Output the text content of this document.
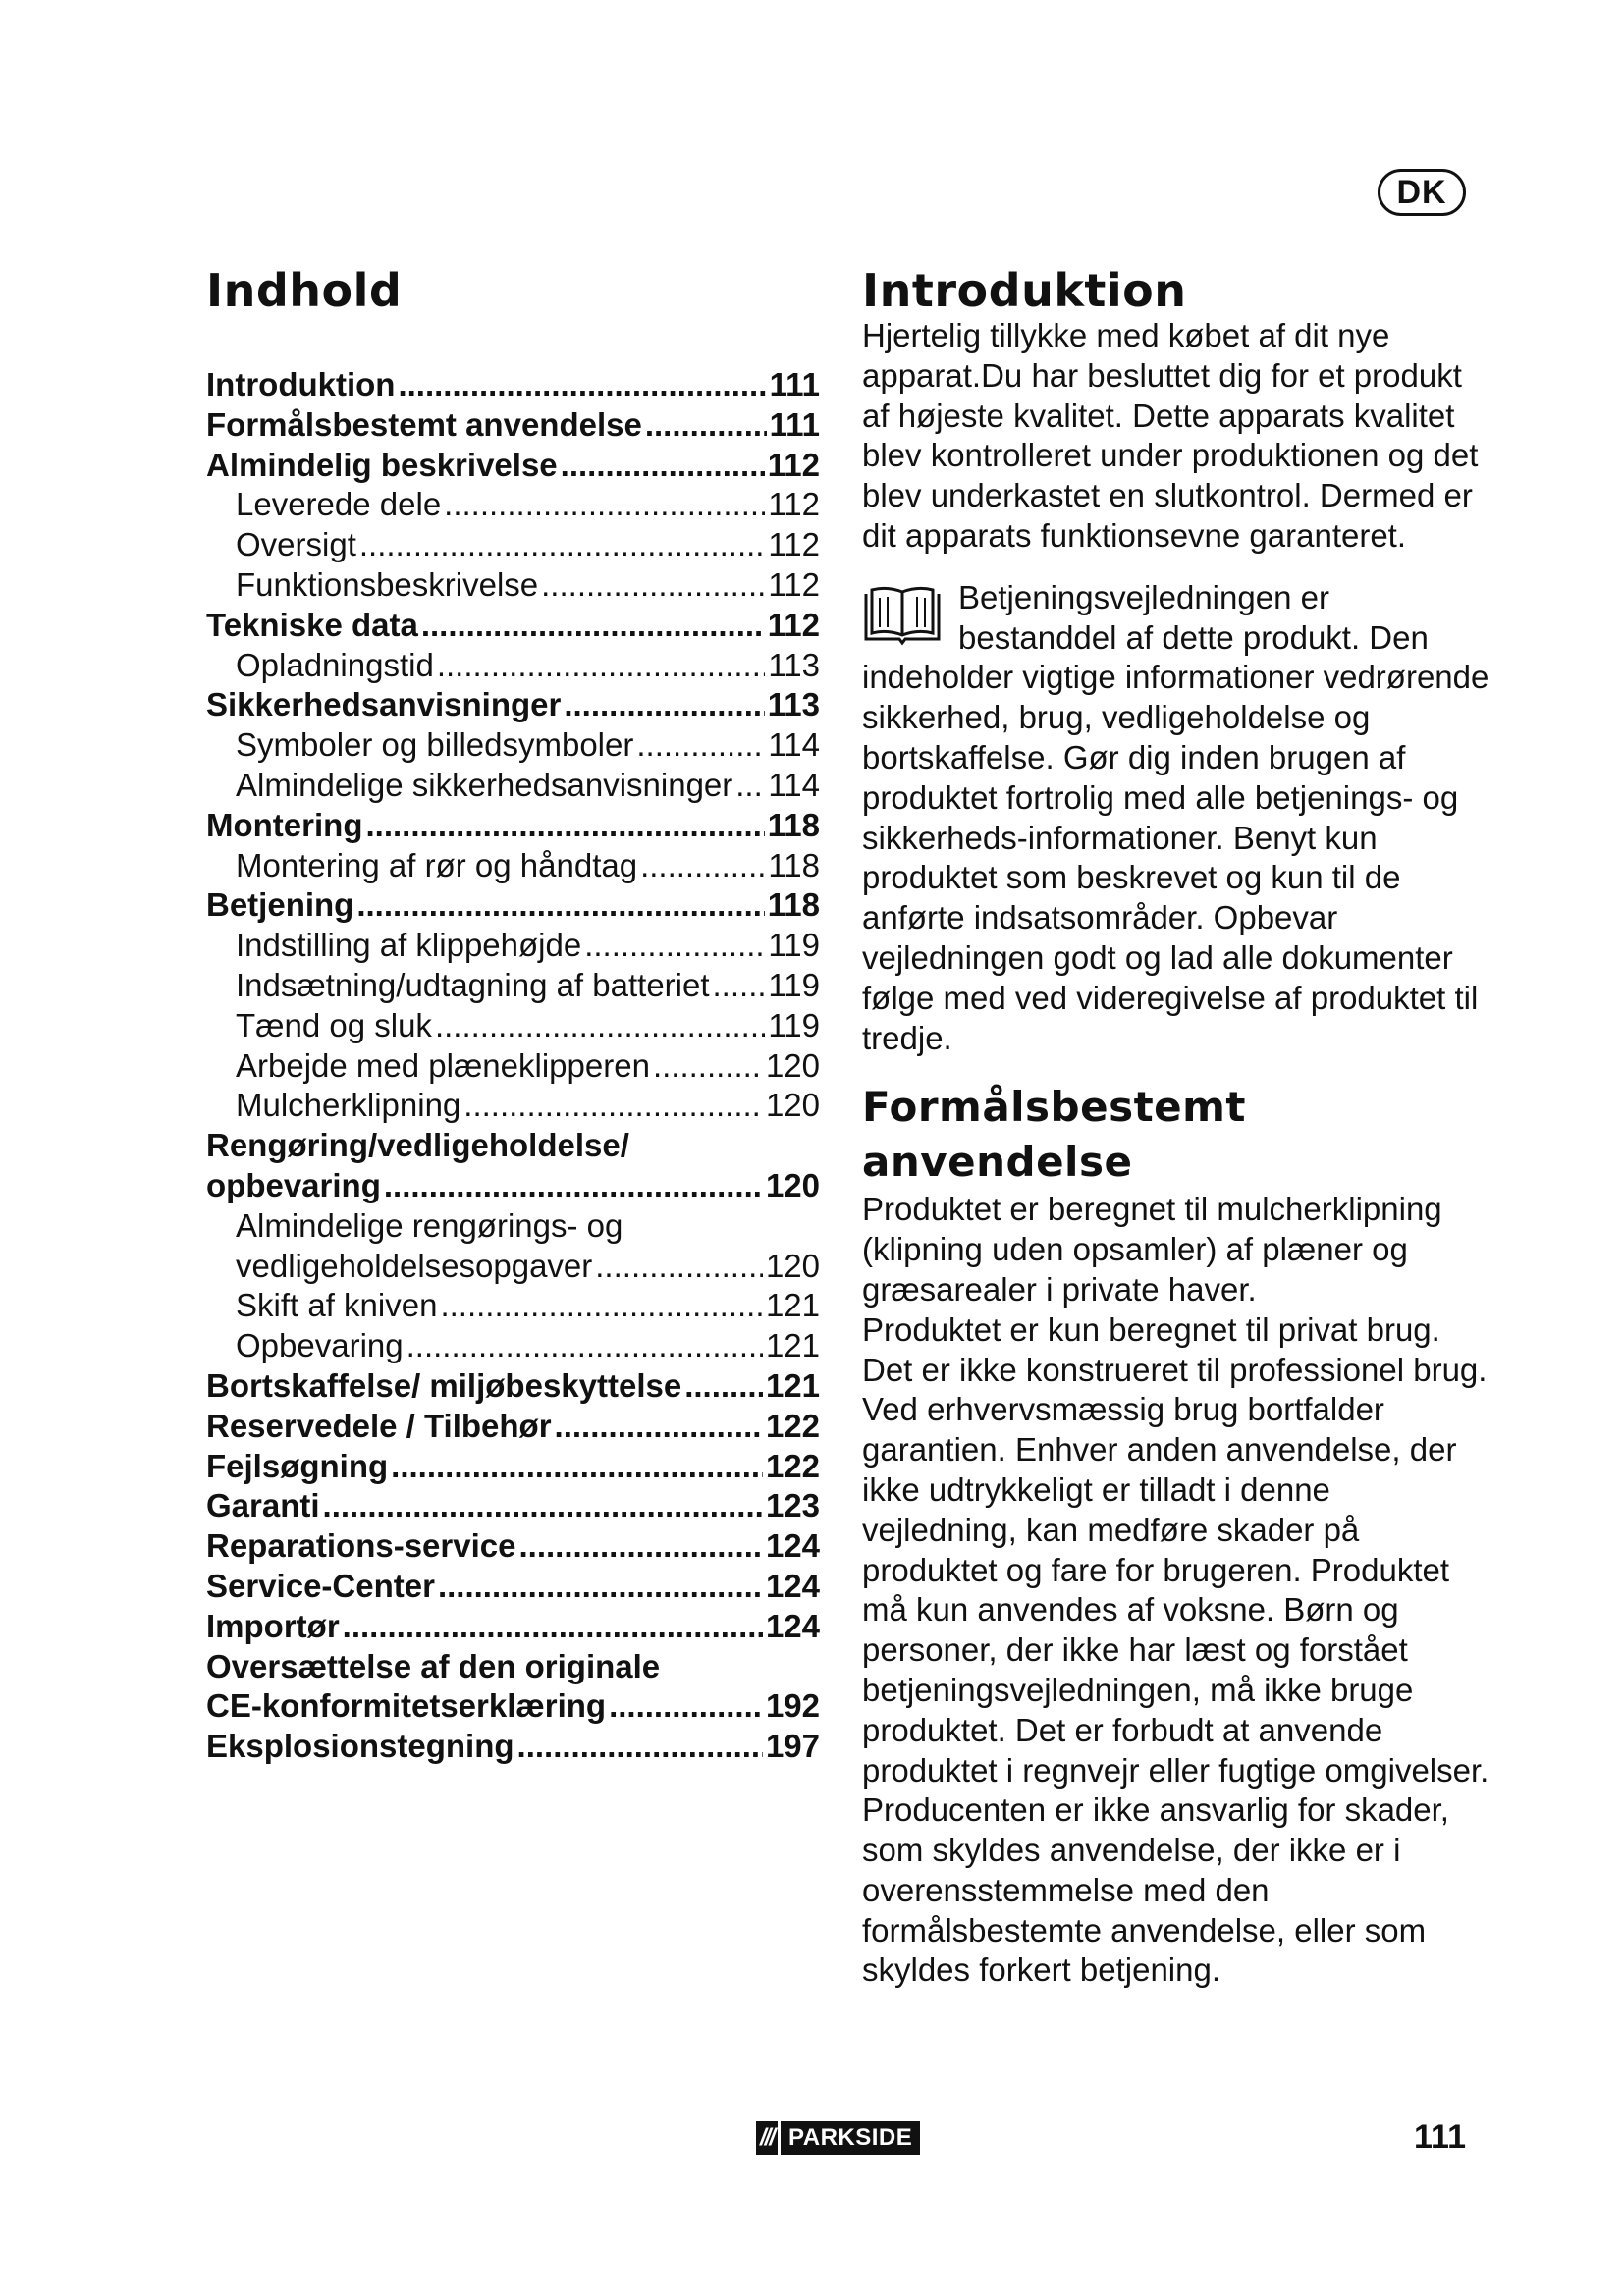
DK
Indhold
Introduktion .....	111
Formålsbestemt anvendelse .....	111
Almindelig beskrivelse .....	112
Leverede dele .....	112
Oversigt .....	112
Funktionsbeskrivelse .....	112
Tekniske data .....	112
Opladningstid .....	113
Sikkerhedsanvisninger .....	113
Symboler og billedsymboler .....	114
Almindelige sikkerhedsanvisninger ..... 114
Montering .....	118
Montering af rør og håndtag .....	118
Betjening .....	118
Indstilling af klippehøjde .....	119
Indsætning/udtagning af batteriet ..... 119
Tænd og sluk .....	119
Arbejde med plæneklipperen .....	120
Mulcherklipning .....	120
Rengøring/vedligeholdelse/
opbevaring .....	120
Almindelige rengørings- og
vedligeholdelsesopgaver .....	120
Skift af kniven .....	121
Opbevaring .....	121
Bortskaffelse/ miljøbeskyttelse .....	121
Reservedele / Tilbehør .....	122
Fejlsøgning .....	122
Garanti .....	123
Reparations-service .....	124
Service-Center .....	124
Importør .....	124
Oversættelse af den originale
CE-konformitetserklæring .....	192
Eksplosionstegning .....	197
Introduktion

Hjertelig tillykke med købet af dit nye apparat.Du har besluttet dig for et produkt af højeste kvalitet. Dette apparats kvalitet blev kontrolleret under produktionen og det blev underkastet en slutkontrol. Dermed er dit apparats funktionsevne garanteret.

Betjeningsvejledningen er bestanddel af dette produkt. Den indeholder vigtige informationer vedrørende sikkerhed, brug, vedligeholdelse og bortskaffelse. Gør dig inden brugen af produktet fortrolig med alle betjenings- og sikkerheds-informationer. Benyt kun produktet som beskrevet og kun til de anførte indsatsområder. Opbevar vejledningen godt og lad alle dokumenter følge med ved videregivelse af produktet til tredje.
Formålsbestemt
anvendelse

Produktet er beregnet til mulcherklipning (klipning uden opsamler) af plæner og græsarealer i private haver.

Produktet er kun beregnet til privat brug. Det er ikke konstrueret til professionel brug. Ved erhvervsmæssig brug bortfalder garantien. Enhver anden anvendelse, der ikke udtrykkeligt er tilladt i denne vejledning, kan medføre skader på produktet og fare for brugeren. Produktet må kun anvendes af voksne. Børn og personer, der ikke har læst og forstået betjeningsvejledningen, må ikke bruge produktet. Det er forbudt at anvende produktet i regnvejr eller fugtige omgivelser. Producenten er ikke ansvarlig for skader, som skyldes anvendelse, der ikke er i overensstemmelse med den formålsbestemte anvendelse, eller som skyldes forkert betjening.

/// PARKSIDE	111
